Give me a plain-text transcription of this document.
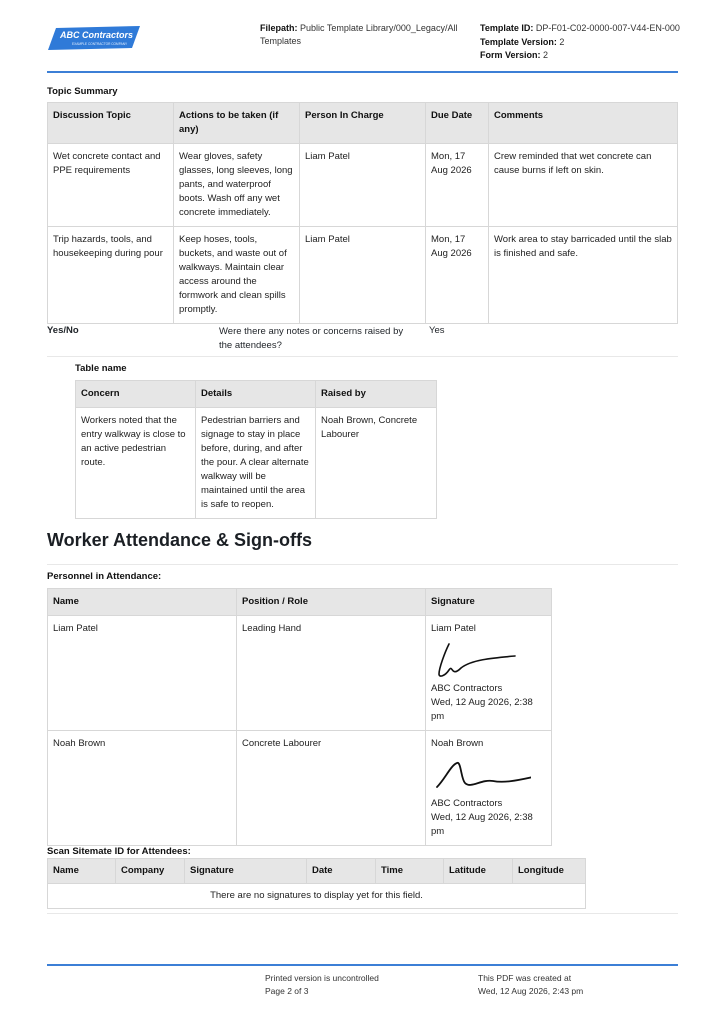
ABC Contractors
EXAMPLE CONTRACTOR COMPANY
Filepath: Public Template Library/000_Legacy/All Templates
Template ID: DP-F01-C02-0000-007-V44-EN-000
Template Version: 2
Form Version: 2
Topic Summary
Discussion Topic	Actions to be taken (if any)	Person In Charge	Due Date	Comments
Wet concrete contact and PPE requirements	Wear gloves, safety glasses, long sleeves, long pants, and waterproof boots. Wash off any wet concrete immediately.	Liam Patel	Mon, 17 Aug 2026	Crew reminded that wet concrete can cause burns if left on skin.
Trip hazards, tools, and housekeeping during pour	Keep hoses, tools, buckets, and waste out of walkways. Maintain clear access around the formwork and clean spills promptly.	Liam Patel	Mon, 17 Aug 2026	Work area to stay barricaded until the slab is finished and safe.
Yes/No	Were there any notes or concerns raised by the attendees?
Yes
Table name
Concern	Details	Raised by
Workers noted that the entry walkway is close to an active pedestrian route.	Pedestrian barriers and signage to stay in place before, during, and after the pour. A clear alternate walkway will be maintained until the area is safe to reopen.	Noah Brown, Concrete Labourer
Worker Attendance & Sign-offs
Personnel in Attendance:
Name	Position / Role	Signature
Liam Patel	Leading Hand	Liam Patel
ABC Contractors
Wed, 12 Aug 2026, 2:38 pm

Noah Brown	Concrete Labourer	Noah Brown
ABC Contractors
Wed, 12 Aug 2026, 2:38 pm
Scan Sitemate ID for Attendees:
Name	Company	Signature	Date	Time	Latitude	Longitude
There are no signatures to display yet for this field.
Printed version is uncontrolled
Page 2 of 3
This PDF was created at
Wed, 12 Aug 2026, 2:43 pm
